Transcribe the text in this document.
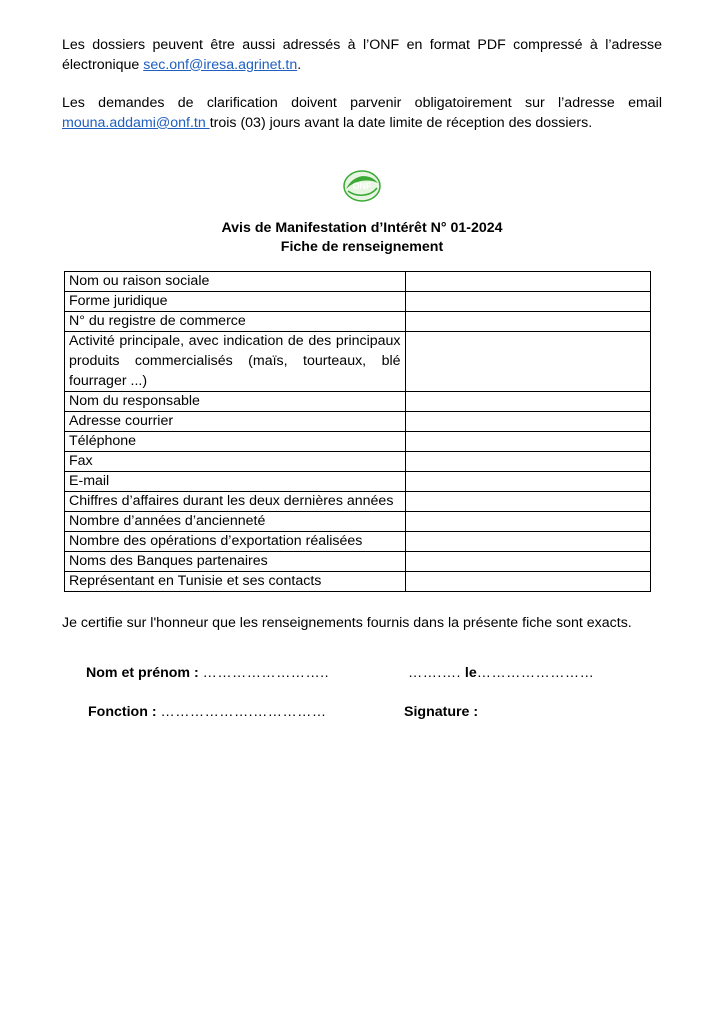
Les dossiers peuvent être aussi adressés à l’ONF en format PDF compressé à l’adresse électronique sec.onf@iresa.agrinet.tn.

Les demandes de clarification doivent parvenir obligatoirement sur l’adresse email mouna.addami@onf.tn trois (03) jours avant la date limite de réception des dossiers.

ONF
Avis de Manifestation d’Intérêt N° 01-2024
Fiche de renseignement
Nom ou raison sociale	
Forme juridique	
N° du registre de commerce	
Activité principale, avec indication de des principaux produits commercialisés (maïs, tourteaux, blé fourrager ...)	
Nom du responsable	
Adresse courrier	
Téléphone	
Fax	
E-mail	
Chiffres d’affaires durant les deux dernières années	
Nombre d’années d’ancienneté	
Nombre des opérations d’exportation réalisées	
Noms des Banques partenaires	
Représentant en Tunisie et ses contacts	
Je certifie sur l'honneur que les renseignements fournis dans la présente fiche sont exacts.
Nom et prénom : ……………………..	…….…. le……………………
Fonction : ……………….……………	Signature :
